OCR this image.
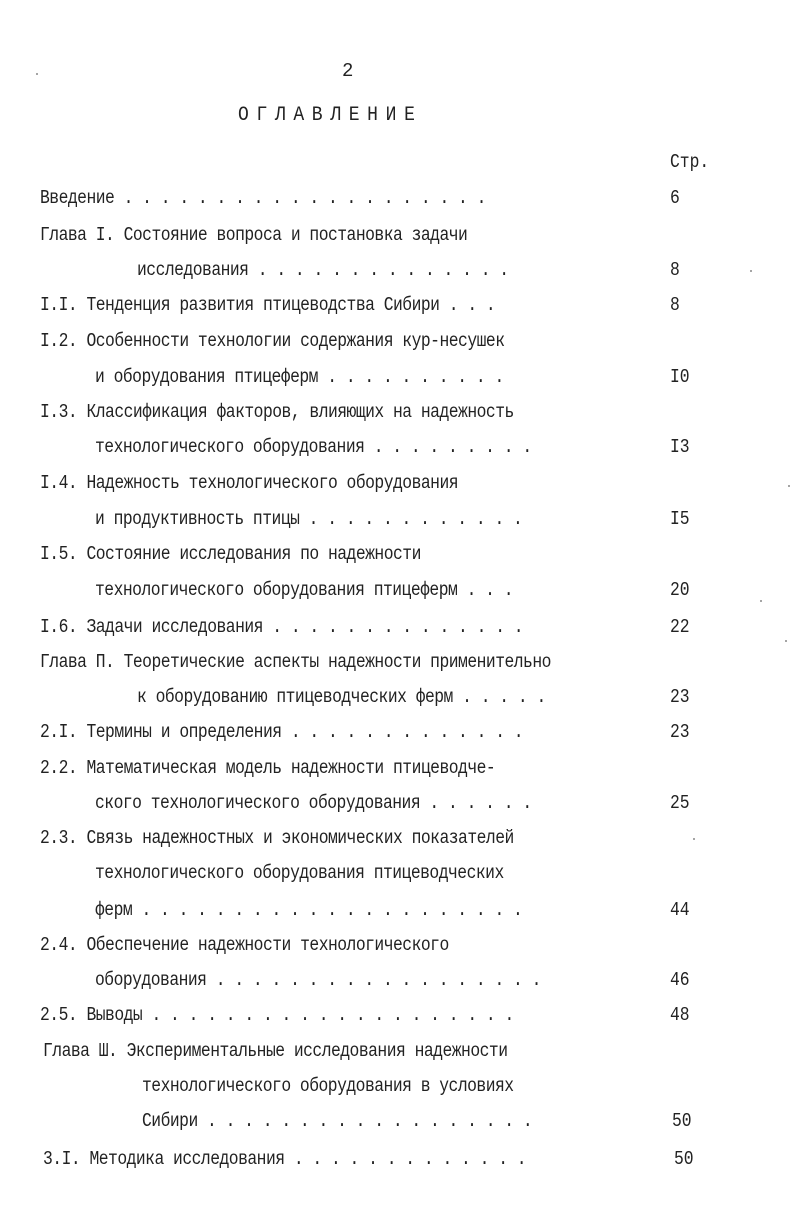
2
ОГЛАВЛЕНИЕ
Стр.
Введение . . . . . . . . . . . . . . . . . . . .	6
Глава I. Состояние вопроса и постановка задачи
исследования . . . . . . . . . . . . . .	8
I.I. Тенденция развития птицеводства Сибири . . .	8
I.2. Особенности технологии содержания кур-несушек
и оборудования птицеферм . . . . . . . . . .	I0
I.3. Классификация факторов, влияющих на надежность
технологического оборудования . . . . . . . . .	I3
I.4. Надежность технологического оборудования
и продуктивность птицы . . . . . . . . . . . .	I5
I.5. Состояние исследования по надежности
технологического оборудования птицеферм . . .	20
I.6. Задачи исследования . . . . . . . . . . . . . .	22
Глава П. Теоретические аспекты надежности применительно
к оборудованию птицеводческих ферм . . . . .	23
2.I. Термины и определения . . . . . . . . . . . . .	23
2.2. Математическая модель надежности птицеводче-
ского технологического оборудования . . . . . .	25
2.3. Связь надежностных и экономических показателей
технологического оборудования птицеводческих
ферм . . . . . . . . . . . . . . . . . . . . .	44
2.4. Обеспечение надежности технологического
оборудования . . . . . . . . . . . . . . . . . .	46
2.5. Выводы . . . . . . . . . . . . . . . . . . . .	48
Глава Ш. Экспериментальные исследования надежности
технологического оборудования в условиях
Сибири . . . . . . . . . . . . . . . . . .	50
3.I. Методика исследования . . . . . . . . . . . . .	50
